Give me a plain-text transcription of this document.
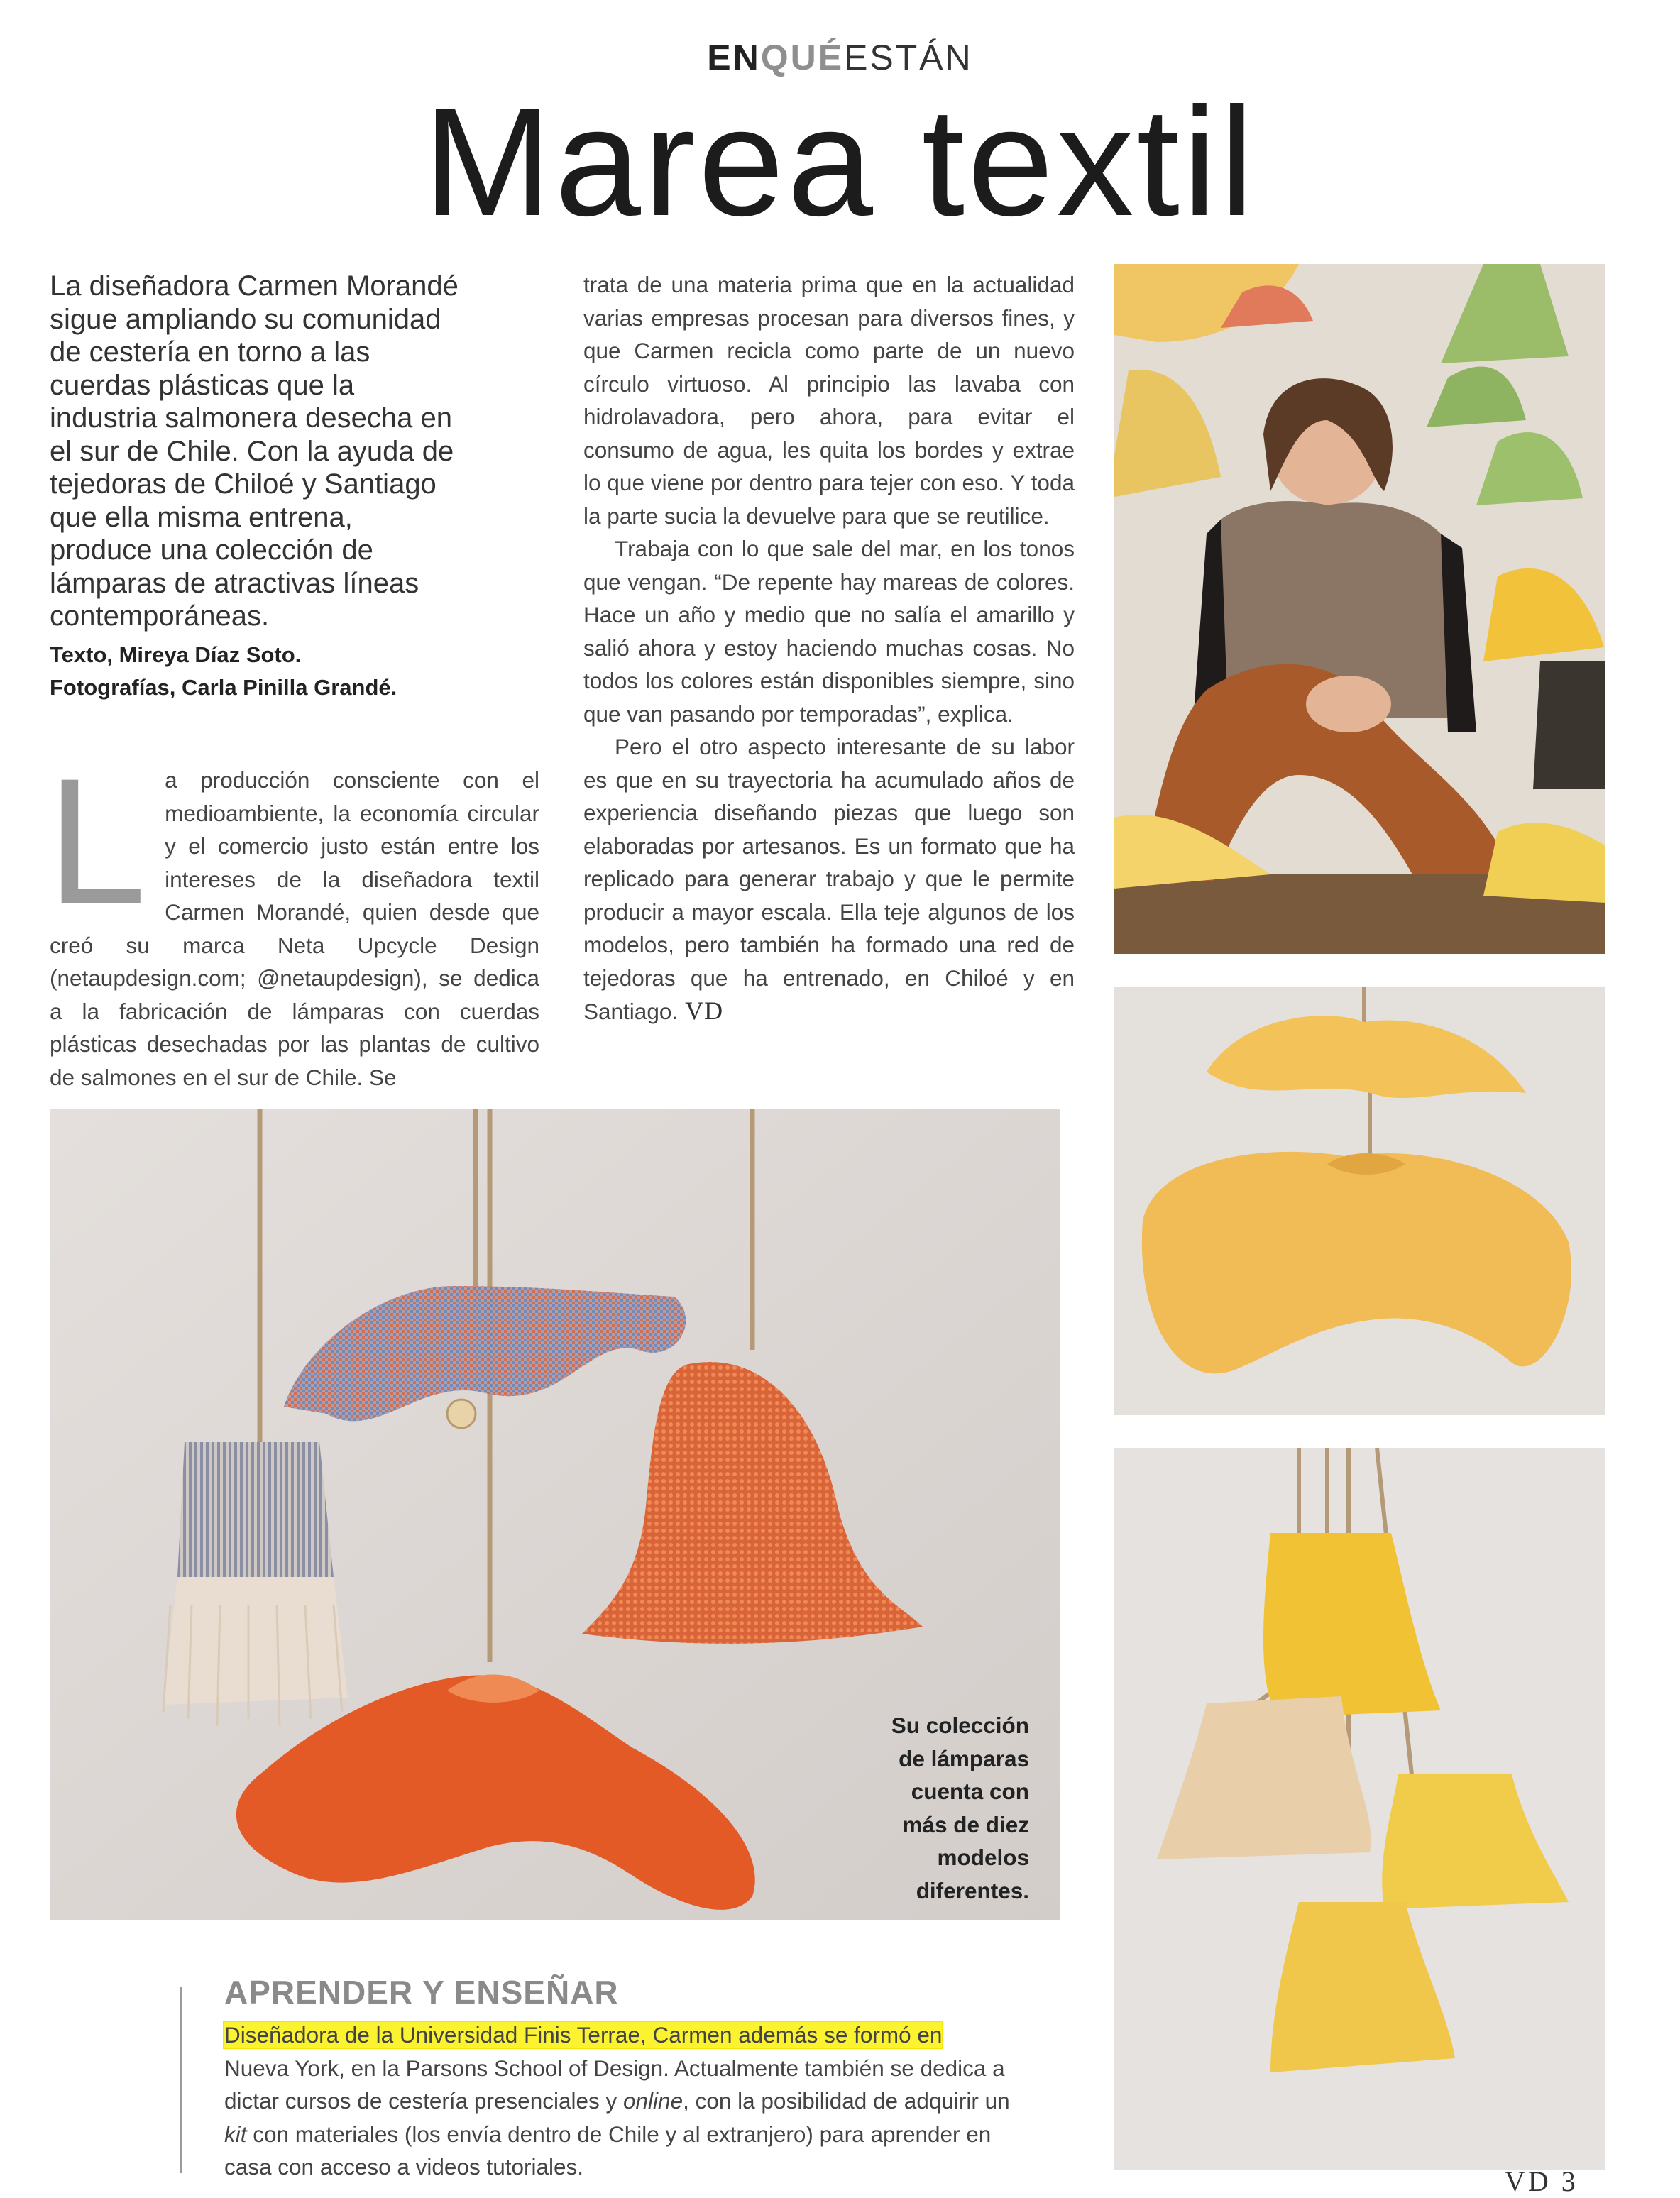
ENQUÉESTÁN
Marea textil
La diseñadora Carmen Morandé
sigue ampliando su comunidad
de cestería en torno a las
cuerdas plásticas que la
industria salmonera desecha en
el sur de Chile. Con la ayuda de
tejedoras de Chiloé y Santiago
que ella misma entrena,
produce una colección de
lámparas de atractivas líneas
contemporáneas.
Texto, Mireya Díaz Soto.
Fotografías, Carla Pinilla Grandé.
L a producción consciente con el medioambiente, la economía circular y el comercio justo están entre los intereses de la diseñadora textil Carmen Morandé, quien desde que creó su marca Neta Upcycle Design (netaupdesign.com; @netaupdesign), se dedica a la fabricación de lámparas con cuerdas plásticas desechadas por las plantas de cultivo de salmones en el sur de Chile. Se

trata de una materia prima que en la actualidad varias empresas procesan para diversos fines, y que Carmen recicla como parte de un nuevo círculo virtuoso. Al principio las lavaba con hidrolavadora, pero ahora, para evitar el consumo de agua, les quita los bordes y extrae lo que viene por dentro para tejer con eso. Y toda la parte sucia la devuelve para que se reutilice.

Trabaja con lo que sale del mar, en los tonos que vengan. “De repente hay mareas de colores. Hace un año y medio que no salía el amarillo y salió ahora y estoy haciendo muchas cosas. No todos los colores están disponibles siempre, sino que van pasando por temporadas”, explica.

Pero el otro aspecto interesante de su labor es que en su trayectoria ha acumulado años de experiencia diseñando piezas que luego son elaboradas por artesanos. Es un formato que ha replicado para generar trabajo y que le permite producir a mayor escala. Ella teje algunos de los modelos, pero también ha formado una red de tejedoras que ha entrenado, en Chiloé y en Santiago. VD

Su colección
de lámparas
cuenta con
más de diez
modelos
diferentes.
APRENDER Y ENSEÑAR
Diseñadora de la Universidad Finis Terrae, Carmen además se formó en
Nueva York, en la Parsons School of Design. Actualmente también se dedica a dictar cursos de cestería presenciales y online, con la posibilidad de adquirir un kit con materiales (los envía dentro de Chile y al extranjero) para aprender en casa con acceso a videos tutoriales.	VD 3
